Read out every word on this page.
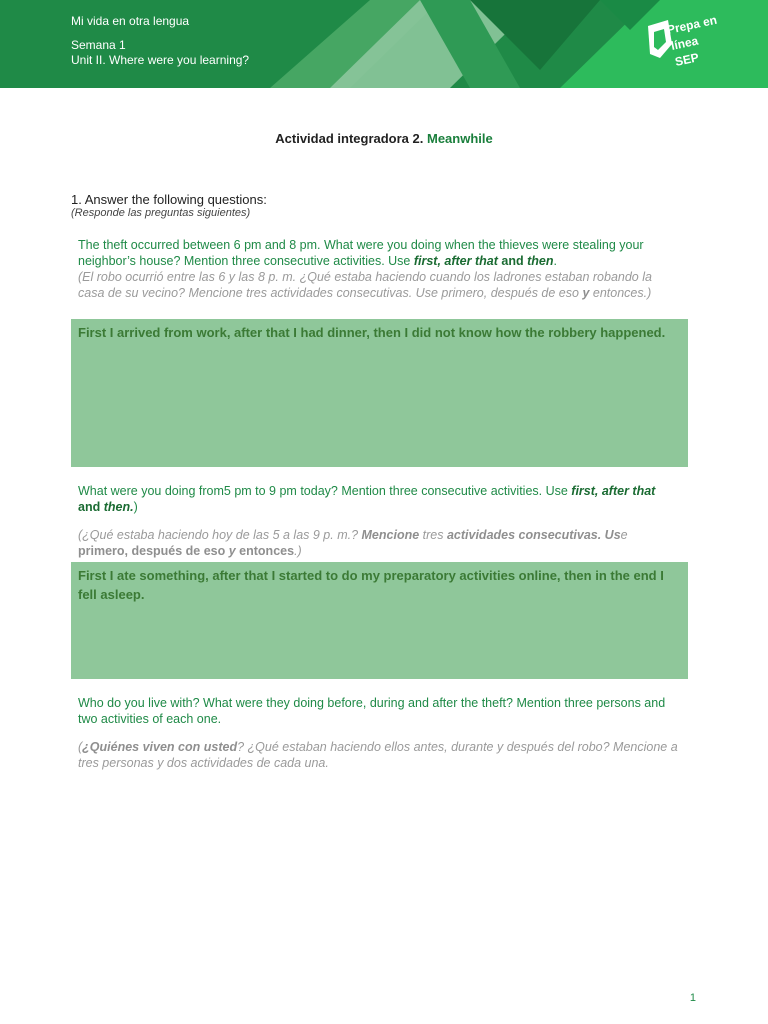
Mi vida en otra lengua
Semana 1
Unit II. Where were you learning?
Prepa en
línea
SEP
Actividad integradora 2. Meanwhile
1. Answer the following questions:
(Responde las preguntas siguientes)
The theft occurred between 6 pm and 8 pm. What were you doing when the thieves were stealing your neighbor’s house? Mention three consecutive activities. Use first, after that and then.
(El robo ocurrió entre las 6 y las 8 p. m. ¿Qué estaba haciendo cuando los ladrones estaban robando la casa de su vecino? Mencione tres actividades consecutivas. Use primero, después de eso y entonces.)
First I arrived from work, after that I had dinner, then I did not know how the robbery happened.
What were you doing from5 pm to 9 pm today? Mention three consecutive activities. Use first, after that and then.)
(¿Qué estaba haciendo hoy de las 5 a las 9 p. m.? Mencione tres actividades consecutivas. Use primero, después de eso y entonces.)
First I ate something, after that I started to do my preparatory activities online, then in the end I fell asleep.
Who do you live with? What were they doing before, during and after the theft? Mention three persons and two activities of each one.
(¿Quiénes viven con usted? ¿Qué estaban haciendo ellos antes, durante y después del robo? Mencione a tres personas y dos actividades de cada una.
1
